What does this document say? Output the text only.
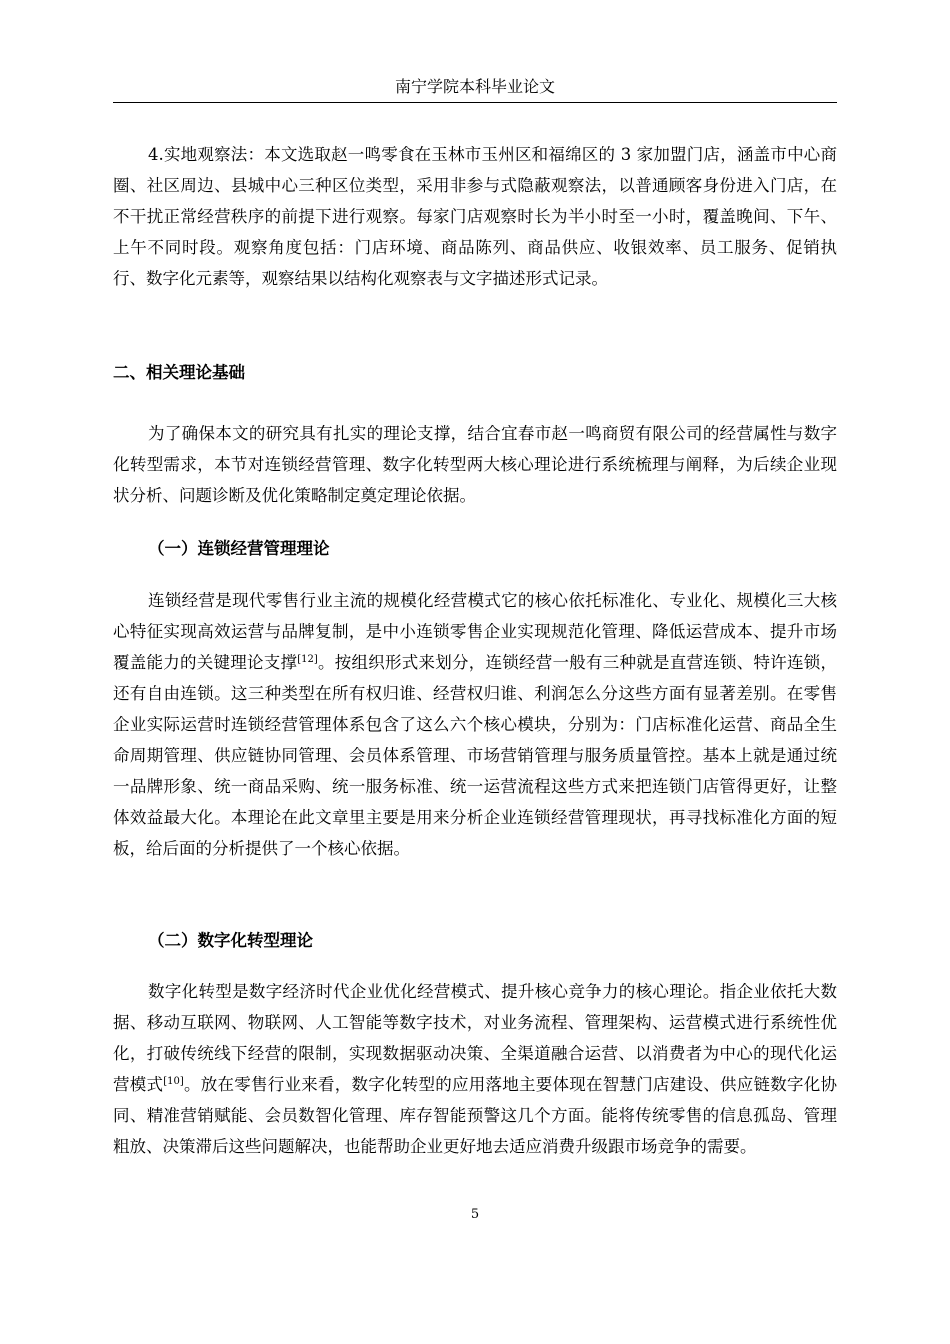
南宁学院本科毕业论文

4.实地观察法：本文选取赵一鸣零食在玉林市玉州区和福绵区的 3 家加盟门店，涵盖市中心商圈、社区周边、县城中心三种区位类型，采用非参与式隐蔽观察法，以普通顾客身份进入门店，在不干扰正常经营秩序的前提下进行观察。每家门店观察时长为半小时至一小时，覆盖晚间、下午、上午不同时段。观察角度包括：门店环境、商品陈列、商品供应、收银效率、员工服务、促销执行、数字化元素等，观察结果以结构化观察表与文字描述形式记录。

二、相关理论基础

为了确保本文的研究具有扎实的理论支撑，结合宜春市赵一鸣商贸有限公司的经营属性与数字化转型需求，本节对连锁经营管理、数字化转型两大核心理论进行系统梳理与阐释，为后续企业现状分析、问题诊断及优化策略制定奠定理论依据。

（一）连锁经营管理理论

连锁经营是现代零售行业主流的规模化经营模式它的核心依托标准化、专业化、规模化三大核心特征实现高效运营与品牌复制，是中小连锁零售企业实现规范化管理、降低运营成本、提升市场覆盖能力的关键理论支撑[12]。按组织形式来划分，连锁经营一般有三种就是直营连锁、特许连锁，还有自由连锁。这三种类型在所有权归谁、经营权归谁、利润怎么分这些方面有显著差别。在零售企业实际运营时连锁经营管理体系包含了这么六个核心模块，分别为：门店标准化运营、商品全生命周期管理、供应链协同管理、会员体系管理、市场营销管理与服务质量管控。基本上就是通过统一品牌形象、统一商品采购、统一服务标准、统一运营流程这些方式来把连锁门店管得更好，让整体效益最大化。本理论在此文章里主要是用来分析企业连锁经营管理现状，再寻找标准化方面的短板，给后面的分析提供了一个核心依据。

（二）数字化转型理论

数字化转型是数字经济时代企业优化经营模式、提升核心竞争力的核心理论。指企业依托大数据、移动互联网、物联网、人工智能等数字技术，对业务流程、管理架构、运营模式进行系统性优化，打破传统线下经营的限制，实现数据驱动决策、全渠道融合运营、以消费者为中心的现代化运营模式[10]。放在零售行业来看，数字化转型的应用落地主要体现在智慧门店建设、供应链数字化协同、精准营销赋能、会员数智化管理、库存智能预警这几个方面。能将传统零售的信息孤岛、管理粗放、决策滞后这些问题解决，也能帮助企业更好地去适应消费升级跟市场竞争的需要。

5
